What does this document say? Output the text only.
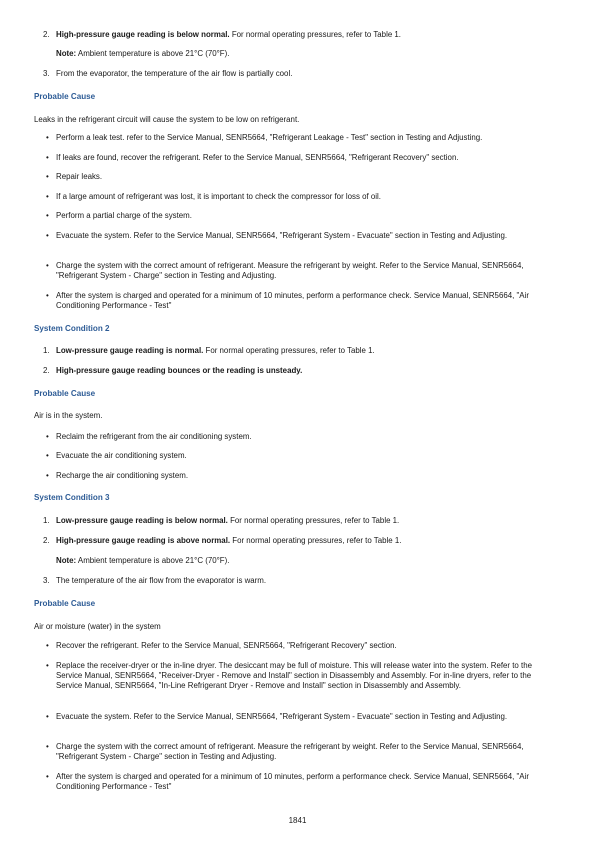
2. High-pressure gauge reading is below normal. For normal operating pressures, refer to Table 1.
Note: Ambient temperature is above 21°C (70°F).
3. From the evaporator, the temperature of the air flow is partially cool.
Probable Cause
Leaks in the refrigerant circuit will cause the system to be low on refrigerant.
• Perform a leak test. refer to the Service Manual, SENR5664, "Refrigerant Leakage - Test" section in Testing and Adjusting.
• If leaks are found, recover the refrigerant. Refer to the Service Manual, SENR5664, "Refrigerant Recovery" section.
• Repair leaks.
• If a large amount of refrigerant was lost, it is important to check the compressor for loss of oil.
• Perform a partial charge of the system.
• Evacuate the system. Refer to the Service Manual, SENR5664, "Refrigerant System - Evacuate" section in Testing and Adjusting.
• Charge the system with the correct amount of refrigerant. Measure the refrigerant by weight. Refer to the Service Manual, SENR5664, "Refrigerant System - Charge" section in Testing and Adjusting.
• After the system is charged and operated for a minimum of 10 minutes, perform a performance check. Service Manual, SENR5664, "Air Conditioning Performance - Test"
System Condition 2
1. Low-pressure gauge reading is normal. For normal operating pressures, refer to Table 1.
2. High-pressure gauge reading bounces or the reading is unsteady.
Probable Cause
Air is in the system.
• Reclaim the refrigerant from the air conditioning system.
• Evacuate the air conditioning system.
• Recharge the air conditioning system.
System Condition 3
1. Low-pressure gauge reading is below normal. For normal operating pressures, refer to Table 1.
2. High-pressure gauge reading is above normal. For normal operating pressures, refer to Table 1.
Note: Ambient temperature is above 21°C (70°F).
3. The temperature of the air flow from the evaporator is warm.
Probable Cause
Air or moisture (water) in the system
• Recover the refrigerant. Refer to the Service Manual, SENR5664, "Refrigerant Recovery" section.
• Replace the receiver-dryer or the in-line dryer. The desiccant may be full of moisture. This will release water into the system. Refer to the Service Manual, SENR5664, "Receiver-Dryer - Remove and Install" section in Disassembly and Assembly. For in-line dryers, refer to the Service Manual, SENR5664, "In-Line Refrigerant Dryer - Remove and Install" section in Disassembly and Assembly.
• Evacuate the system. Refer to the Service Manual, SENR5664, "Refrigerant System - Evacuate" section in Testing and Adjusting.
• Charge the system with the correct amount of refrigerant. Measure the refrigerant by weight. Refer to the Service Manual, SENR5664, "Refrigerant System - Charge" section in Testing and Adjusting.
• After the system is charged and operated for a minimum of 10 minutes, perform a performance check. Service Manual, SENR5664, "Air Conditioning Performance - Test"
1841
